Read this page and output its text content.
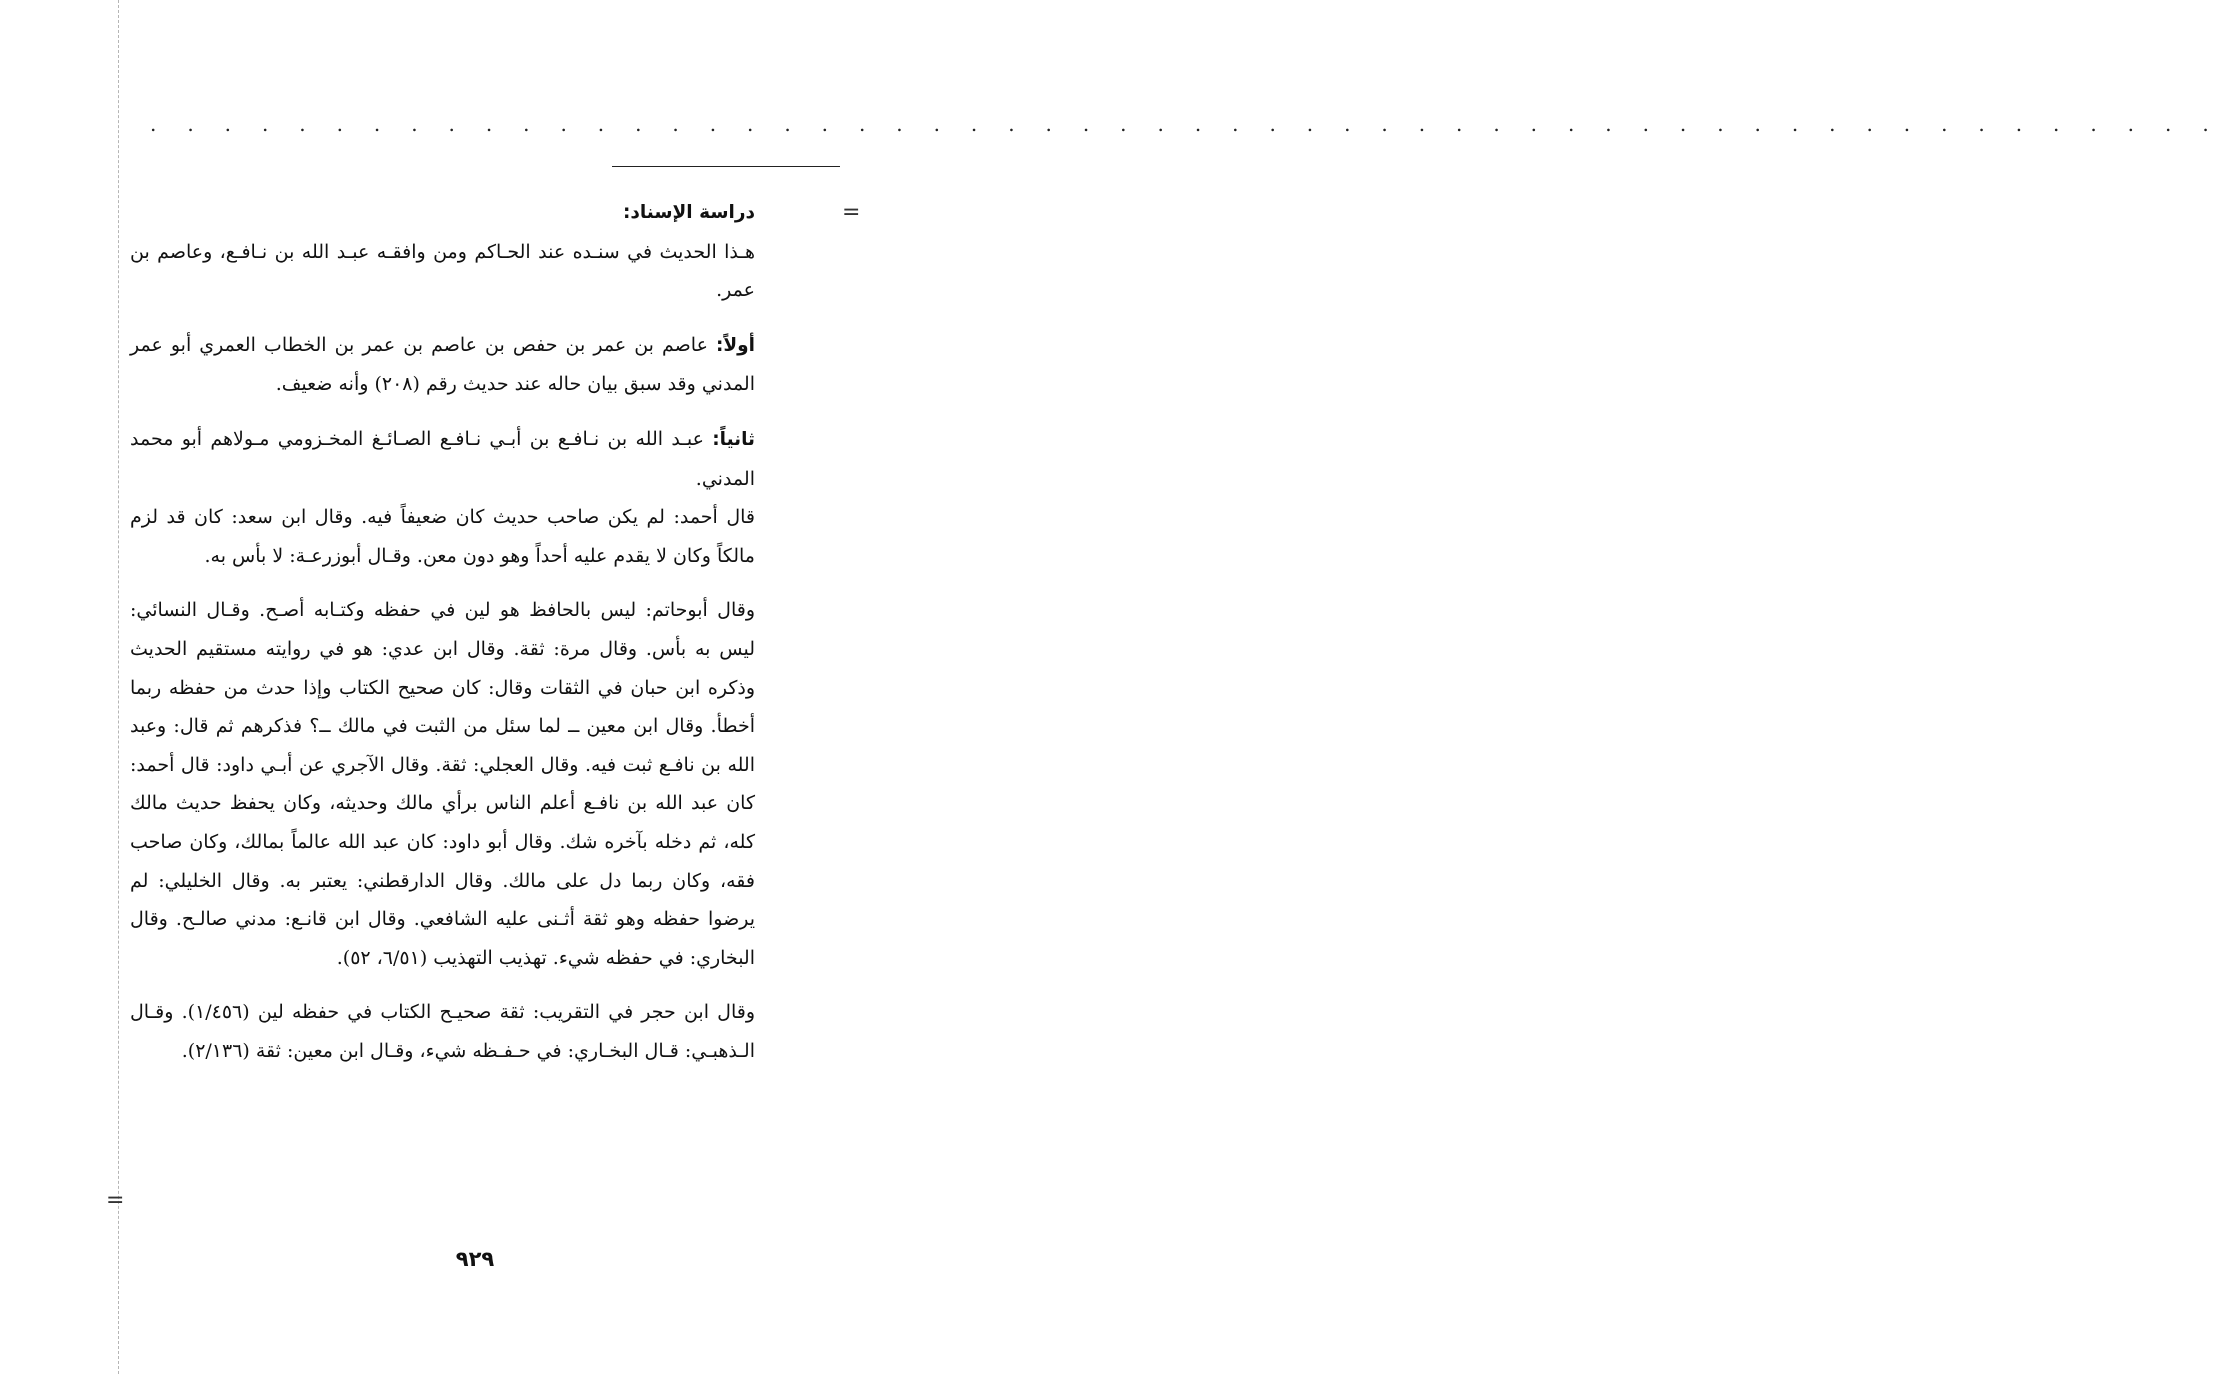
. . . . . . . . . . . . . . . . . . . . . . . . . . . . . . . . . . . . . . . . . . . . . . . . . . . . . . . .
=
=

دراسة الإسناد:

هـذا الحديث في سنـده عند الحـاكم ومن وافقـه عبـد الله بن نـافـع، وعاصم بن عمر.

أولاً: عاصم بن عمر بن حفص بن عاصم بن عمر بن الخطاب العمري أبو عمر المدني وقد سبق بيان حاله عند حديث رقم (٢٠٨) وأنه ضعيف.

ثانياً: عبـد الله بن نـافـع بن أبـي نـافـع الصـائـغ المخـزومي مـولاهم أبو محمد المدني.

قال أحمد: لم يكن صاحب حديث كان ضعيفاً فيه. وقال ابن سعد: كان قد لزم مالكاً وكان لا يقدم عليه أحداً وهو دون معن. وقـال أبوزرعـة: لا بأس به.

وقال أبوحاتم: ليس بالحافظ هو لين في حفظه وكتـابه أصـح. وقـال النسائي: ليس به بأس. وقال مرة: ثقة. وقال ابن عدي: هو في روايته مستقيم الحديث وذكره ابن حبان في الثقات وقال: كان صحيح الكتاب وإذا حدث من حفظه ربما أخطأ. وقال ابن معين ــ لما سئل من الثبت في مالك ــ؟ فذكرهم ثم قال: وعبد الله بن نافـع ثبت فيه. وقال العجلي: ثقة. وقال الآجري عن أبـي داود: قال أحمد: كان عبد الله بن نافـع أعلم الناس برأي مالك وحديثه، وكان يحفظ حديث مالك كله، ثم دخله بآخره شك. وقال أبو داود: كان عبد الله عالماً بمالك، وكان صاحب فقه، وكان ربما دل على مالك. وقال الدارقطني: يعتبر به. وقال الخليلي: لم يرضوا حفظه وهو ثقة أثـنى عليه الشافعي. وقال ابن قانـع: مدني صالـح. وقال البخاري: في حفظه شيء. تهذيب التهذيب (٦/٥١، ٥٢).

وقال ابن حجر في التقريب: ثقة صحيـح الكتاب في حفظه لين (١/٤٥٦). وقـال الـذهبـي: قـال البخـاري: في حـفـظه شيء، وقـال ابن معين: ثقة (٢/١٣٦).

٩٢٩
